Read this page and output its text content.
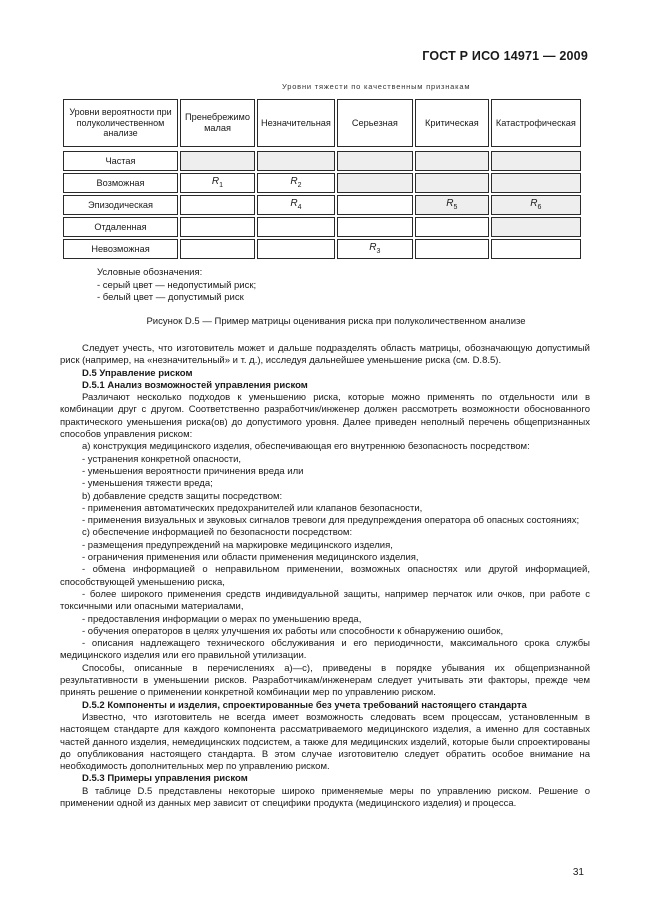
ГОСТ Р ИСО 14971 — 2009
Уровни тяжести по качественным признакам
Уровни вероятности при полуколичественном анализе	Пренебрежимо малая	Незначительная	Серьезная	Критическая	Катастрофическая

Частая					
Возможная	$R_1$	$R_2$			
Эпизодическая		$R_4$		$R_5$	$R_6$
Отдаленная					
Невозможная			$R_3$		
Условные обозначения:
- серый цвет — недопустимый риск;
- белый цвет — допустимый риск
Рисунок D.5 — Пример матрицы оценивания риска при полуколичественном анализе

Следует учесть, что изготовитель может и дальше подразделять область матрицы, обозначающую допустимый риск (например, на «незначительный» и т. д.), исследуя дальнейшее уменьшение риска (см. D.8.5).

D.5 Управление риском

D.5.1 Анализ возможностей управления риском

Различают несколько подходов к уменьшению риска, которые можно применять по отдельности или в комбинации друг с другом. Соответственно разработчик/инженер должен рассмотреть возможности обоснованного практического уменьшения риска(ов) до допустимого уровня. Далее приведен неполный перечень общепризнанных способов управления риском:

а) конструкция медицинского изделия, обеспечивающая его внутреннюю безопасность посредством:

- устранения конкретной опасности,

- уменьшения вероятности причинения вреда или

- уменьшения тяжести вреда;

b) добавление средств защиты посредством:

- применения автоматических предохранителей или клапанов безопасности,

- применения визуальных и звуковых сигналов тревоги для предупреждения оператора об опасных состояниях;

с) обеспечение информацией по безопасности посредством:

- размещения предупреждений на маркировке медицинского изделия,

- ограничения применения или области применения медицинского изделия,

- обмена информацией о неправильном применении, возможных опасностях или другой информацией, способствующей уменьшению риска,

- более широкого применения средств индивидуальной защиты, например перчаток или очков, при работе с токсичными или опасными материалами,

- предоставления информации о мерах по уменьшению вреда,

- обучения операторов в целях улучшения их работы или способности к обнаружению ошибок,

- описания надлежащего технического обслуживания и его периодичности, максимального срока службы медицинского изделия или его правильной утилизации.

Способы, описанные в перечислениях а)—с), приведены в порядке убывания их общепризнанной результативности в уменьшении рисков. Разработчикам/инженерам следует учитывать эти факторы, прежде чем принять решение о применении конкретной комбинации мер по управлению риском.

D.5.2 Компоненты и изделия, спроектированные без учета требований настоящего стандарта

Известно, что изготовитель не всегда имеет возможность следовать всем процессам, установленным в настоящем стандарте для каждого компонента рассматриваемого медицинского изделия, а именно для составных частей данного изделия, немедицинских подсистем, а также для медицинских изделий, которые были спроектированы до опубликования настоящего стандарта. В этом случае изготовителю следует обратить особое внимание на необходимость дополнительных мер по управлению риском.

D.5.3 Примеры управления риском

В таблице D.5 представлены некоторые широко применяемые меры по управлению риском. Решение о применении одной из данных мер зависит от специфики продукта (медицинского изделия) и процесса.

31
